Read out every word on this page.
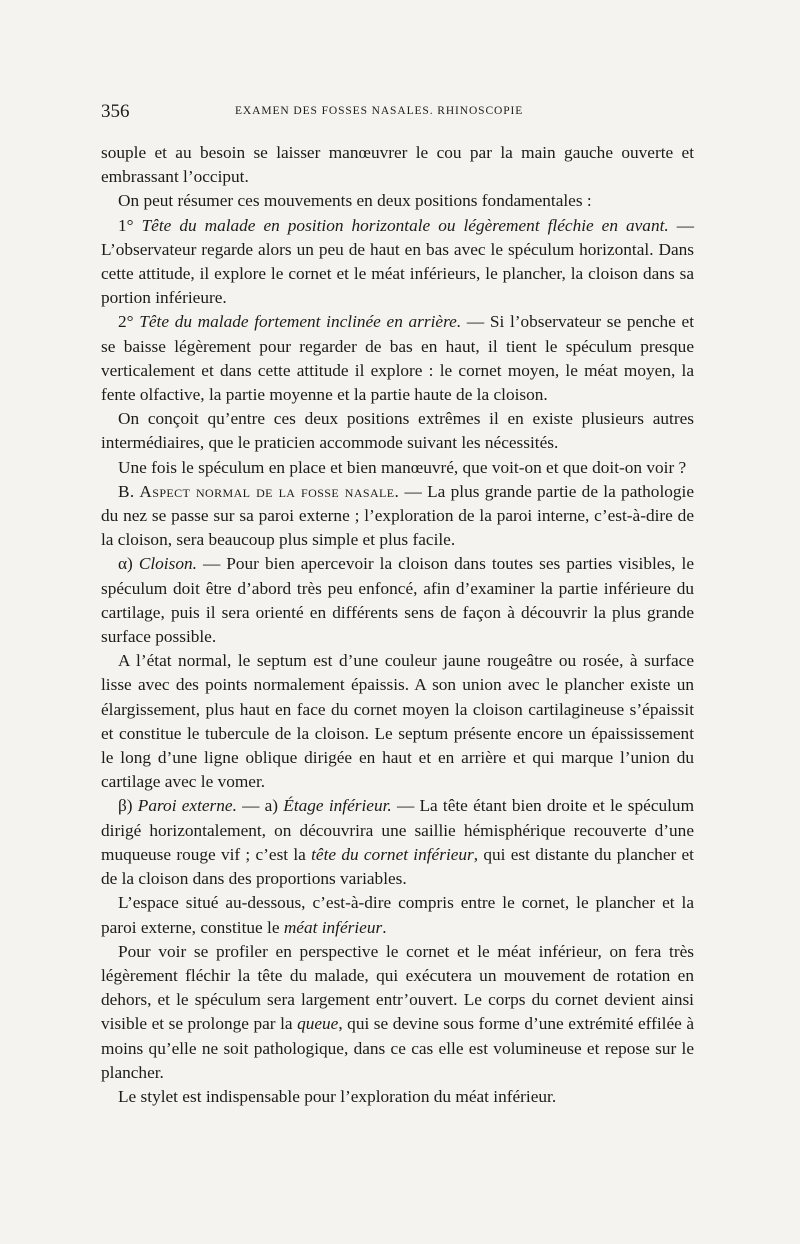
356	EXAMEN DES FOSSES NASALES. RHINOSCOPIE

souple et au besoin se laisser manœuvrer le cou par la main gauche ouverte et embrassant l’occiput.

On peut résumer ces mouvements en deux positions fondamentales :

1° Tête du malade en position horizontale ou légèrement fléchie en avant. — L’observateur regarde alors un peu de haut en bas avec le spéculum horizontal. Dans cette attitude, il explore le cornet et le méat inférieurs, le plancher, la cloison dans sa portion inférieure.

2° Tête du malade fortement inclinée en arrière. — Si l’observateur se penche et se baisse légèrement pour regarder de bas en haut, il tient le spéculum presque verticalement et dans cette attitude il explore : le cornet moyen, le méat moyen, la fente olfactive, la partie moyenne et la partie haute de la cloison.

On conçoit qu’entre ces deux positions extrêmes il en existe plusieurs autres intermédiaires, que le praticien accommode suivant les nécessités.

Une fois le spéculum en place et bien manœuvré, que voit-on et que doit-on voir ?

B. Aspect normal de la fosse nasale. — La plus grande partie de la pathologie du nez se passe sur sa paroi externe ; l’exploration de la paroi interne, c’est-à-dire de la cloison, sera beaucoup plus simple et plus facile.

α) Cloison. — Pour bien apercevoir la cloison dans toutes ses parties visibles, le spéculum doit être d’abord très peu enfoncé, afin d’examiner la partie inférieure du cartilage, puis il sera orienté en différents sens de façon à découvrir la plus grande surface possible.

A l’état normal, le septum est d’une couleur jaune rougeâtre ou rosée, à surface lisse avec des points normalement épaissis. A son union avec le plancher existe un élargissement, plus haut en face du cornet moyen la cloison cartilagineuse s’épaissit et constitue le tubercule de la cloison. Le septum présente encore un épaississement le long d’une ligne oblique dirigée en haut et en arrière et qui marque l’union du cartilage avec le vomer.

β) Paroi externe. — a) Étage inférieur. — La tête étant bien droite et le spéculum dirigé horizontalement, on découvrira une saillie hémisphérique recouverte d’une muqueuse rouge vif ; c’est la tête du cornet inférieur, qui est distante du plancher et de la cloison dans des proportions variables.

L’espace situé au-dessous, c’est-à-dire compris entre le cornet, le plancher et la paroi externe, constitue le méat inférieur.

Pour voir se profiler en perspective le cornet et le méat inférieur, on fera très légèrement fléchir la tête du malade, qui exécutera un mouvement de rotation en dehors, et le spéculum sera largement entr’ouvert. Le corps du cornet devient ainsi visible et se prolonge par la queue, qui se devine sous forme d’une extrémité effilée à moins qu’elle ne soit pathologique, dans ce cas elle est volumineuse et repose sur le plancher.

Le stylet est indispensable pour l’exploration du méat inférieur.
